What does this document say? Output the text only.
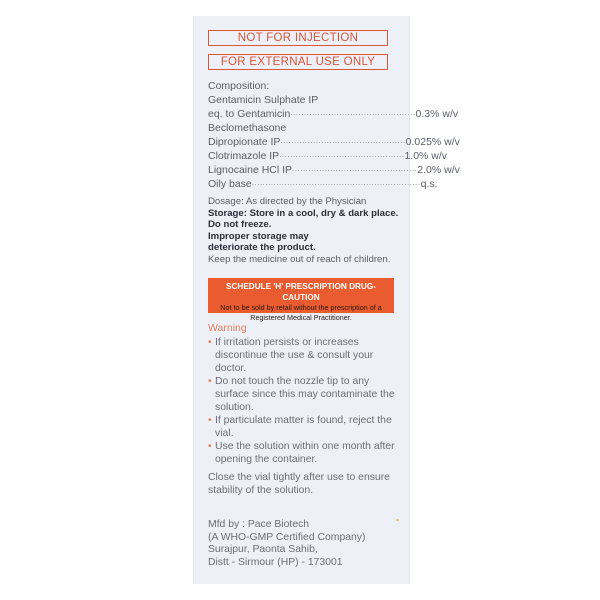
NOT FOR INJECTION
FOR EXTERNAL USE ONLY
Composition:
Gentamicin Sulphate IP
eq. to Gentamicin .............................................. 0.3% w/v
Beclomethasone
Dipropionate IP .............................................. 0.025% w/v
Clotrimazole IP .............................................. 1.0% w/v
Lignocaine HCl IP .............................................. 2.0% w/v
Oily base .............................................................. q.s.
Dosage: As directed by the Physician
Storage: Store in a cool, dry & dark place.
Do not freeze.
Improper storage may deteriorate the product.
Keep the medicine out of reach of children.
SCHEDULE 'H' PRESCRIPTION DRUG-CAUTION
Not to be sold by retail without the prescription of a Registered Medical Practitioner.
Warning
• If irritation persists or increases discontinue the use & consult your doctor.
• Do not touch the nozzle tip to any surface since this may contaminate the solution.
• If particulate matter is found, reject the vial.
• Use the solution within one month after opening the container.
Close the vial tightly after use to ensure stability of the solution.
Mfd by : Pace Biotech
(A WHO-GMP Certified Company)
Surajpur, Paonta Sahib,
Distt - Sirmour (HP) - 173001
